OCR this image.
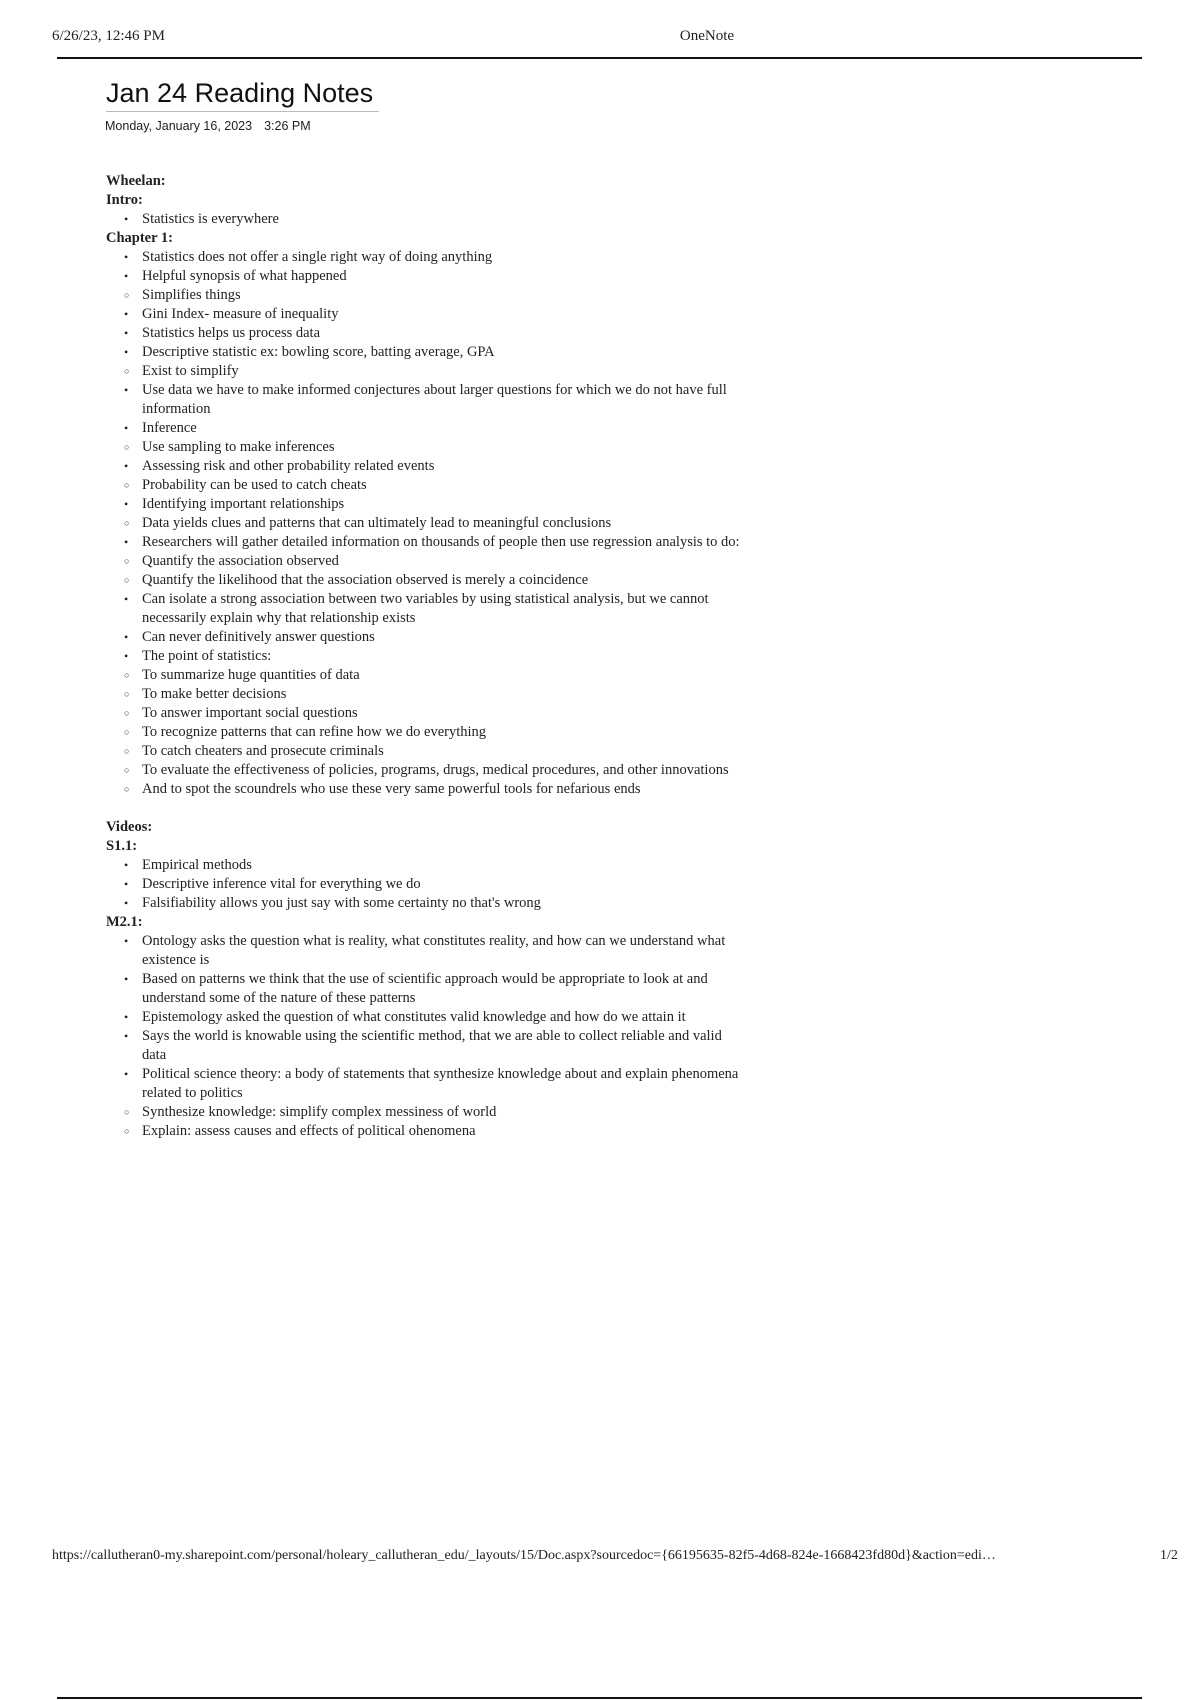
6/26/23, 12:46 PM	OneNote
Jan 24 Reading Notes
Monday, January 16, 2023 3:26 PM

Wheelan:

Intro:

• Statistics is everywhere

Chapter 1:

• Statistics does not offer a single right way of doing anything
• Helpful synopsis of what happened
○ Simplifies things
• Gini Index- measure of inequality
• Statistics helps us process data
• Descriptive statistic ex: bowling score, batting average, GPA
○ Exist to simplify
• Use data we have to make informed conjectures about larger questions for which we do not have full information
• Inference
○ Use sampling to make inferences
• Assessing risk and other probability related events
○ Probability can be used to catch cheats
• Identifying important relationships
○ Data yields clues and patterns that can ultimately lead to meaningful conclusions
• Researchers will gather detailed information on thousands of people then use regression analysis to do:
○ Quantify the association observed
○ Quantify the likelihood that the association observed is merely a coincidence
• Can isolate a strong association between two variables by using statistical analysis, but we cannot necessarily explain why that relationship exists
• Can never definitively answer questions
• The point of statistics:
○ To summarize huge quantities of data
○ To make better decisions
○ To answer important social questions
○ To recognize patterns that can refine how we do everything
○ To catch cheaters and prosecute criminals
○ To evaluate the effectiveness of policies, programs, drugs, medical procedures, and other innovations
○ And to spot the scoundrels who use these very same powerful tools for nefarious ends

Videos:

S1.1:

• Empirical methods
• Descriptive inference vital for everything we do
• Falsifiability allows you just say with some certainty no that's wrong

M2.1:

• Ontology asks the question what is reality, what constitutes reality, and how can we understand what existence is
• Based on patterns we think that the use of scientific approach would be appropriate to look at and understand some of the nature of these patterns
• Epistemology asked the question of what constitutes valid knowledge and how do we attain it
• Says the world is knowable using the scientific method, that we are able to collect reliable and valid data
• Political science theory: a body of statements that synthesize knowledge about and explain phenomena related to politics
○ Synthesize knowledge: simplify complex messiness of world
○ Explain: assess causes and effects of political ohenomena
https://callutheran0-my.sharepoint.com/personal/holeary_callutheran_edu/_layouts/15/Doc.aspx?sourcedoc={66195635-82f5-4d68-824e-1668423fd80d}&action=edi…	1/2
